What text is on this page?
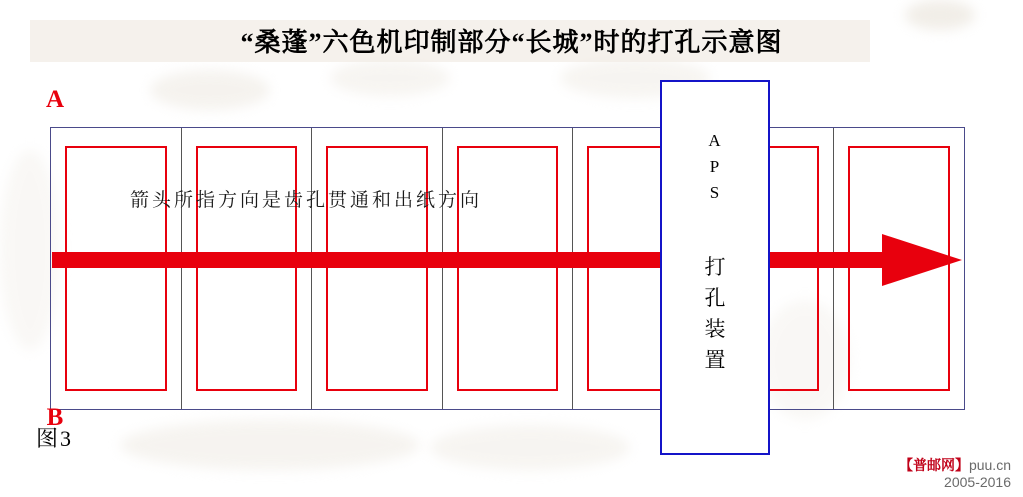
“桑蓬”六色机印制部分“长城”时的打孔示意图
箭头所指方向是齿孔贯通和出纸方向
A
A
P
S
打
孔
装
置
B
图3
【普邮网】puu.cn
2005-2016
